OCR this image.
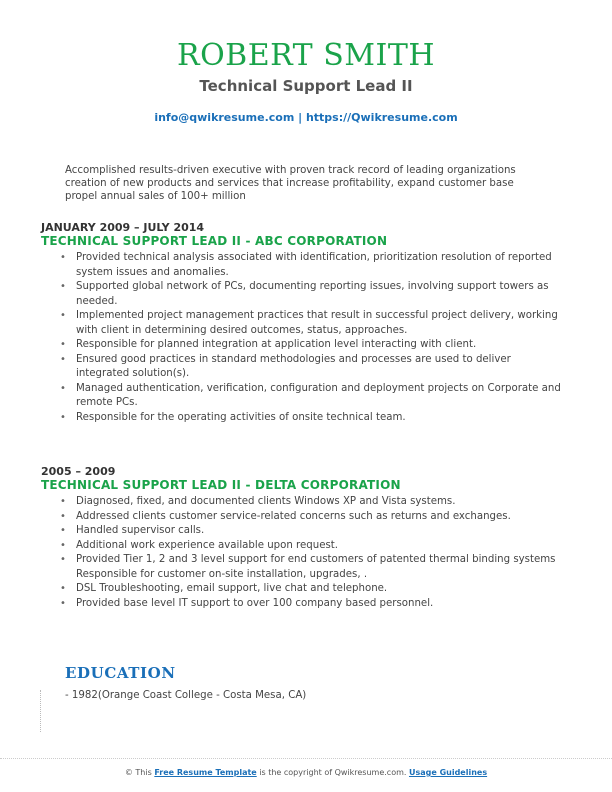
ROBERT SMITH
Technical Support Lead II
info@qwikresume.com | https://Qwikresume.com
Accomplished results-driven executive with proven track record of leading organizations creation of new products and services that increase profitability, expand customer base propel annual sales of 100+ million
JANUARY 2009 – JULY 2014
TECHNICAL SUPPORT LEAD II - ABC CORPORATION
• Provided technical analysis associated with identification, prioritization resolution of reported system issues and anomalies.
• Supported global network of PCs, documenting reporting issues, involving support towers as needed.
• Implemented project management practices that result in successful project delivery, working with client in determining desired outcomes, status, approaches.
• Responsible for planned integration at application level interacting with client.
• Ensured good practices in standard methodologies and processes are used to deliver integrated solution(s).
• Managed authentication, verification, configuration and deployment projects on Corporate and remote PCs.
• Responsible for the operating activities of onsite technical team.
2005 – 2009
TECHNICAL SUPPORT LEAD II - DELTA CORPORATION
• Diagnosed, fixed, and documented clients Windows XP and Vista systems.
• Addressed clients customer service-related concerns such as returns and exchanges.
• Handled supervisor calls.
• Additional work experience available upon request.
• Provided Tier 1, 2 and 3 level support for end customers of patented thermal binding systems Responsible for customer on-site installation, upgrades, .
• DSL Troubleshooting, email support, live chat and telephone.
• Provided base level IT support to over 100 company based personnel.
EDUCATION
- 1982(Orange Coast College - Costa Mesa, CA)
© This Free Resume Template is the copyright of Qwikresume.com. Usage Guidelines
